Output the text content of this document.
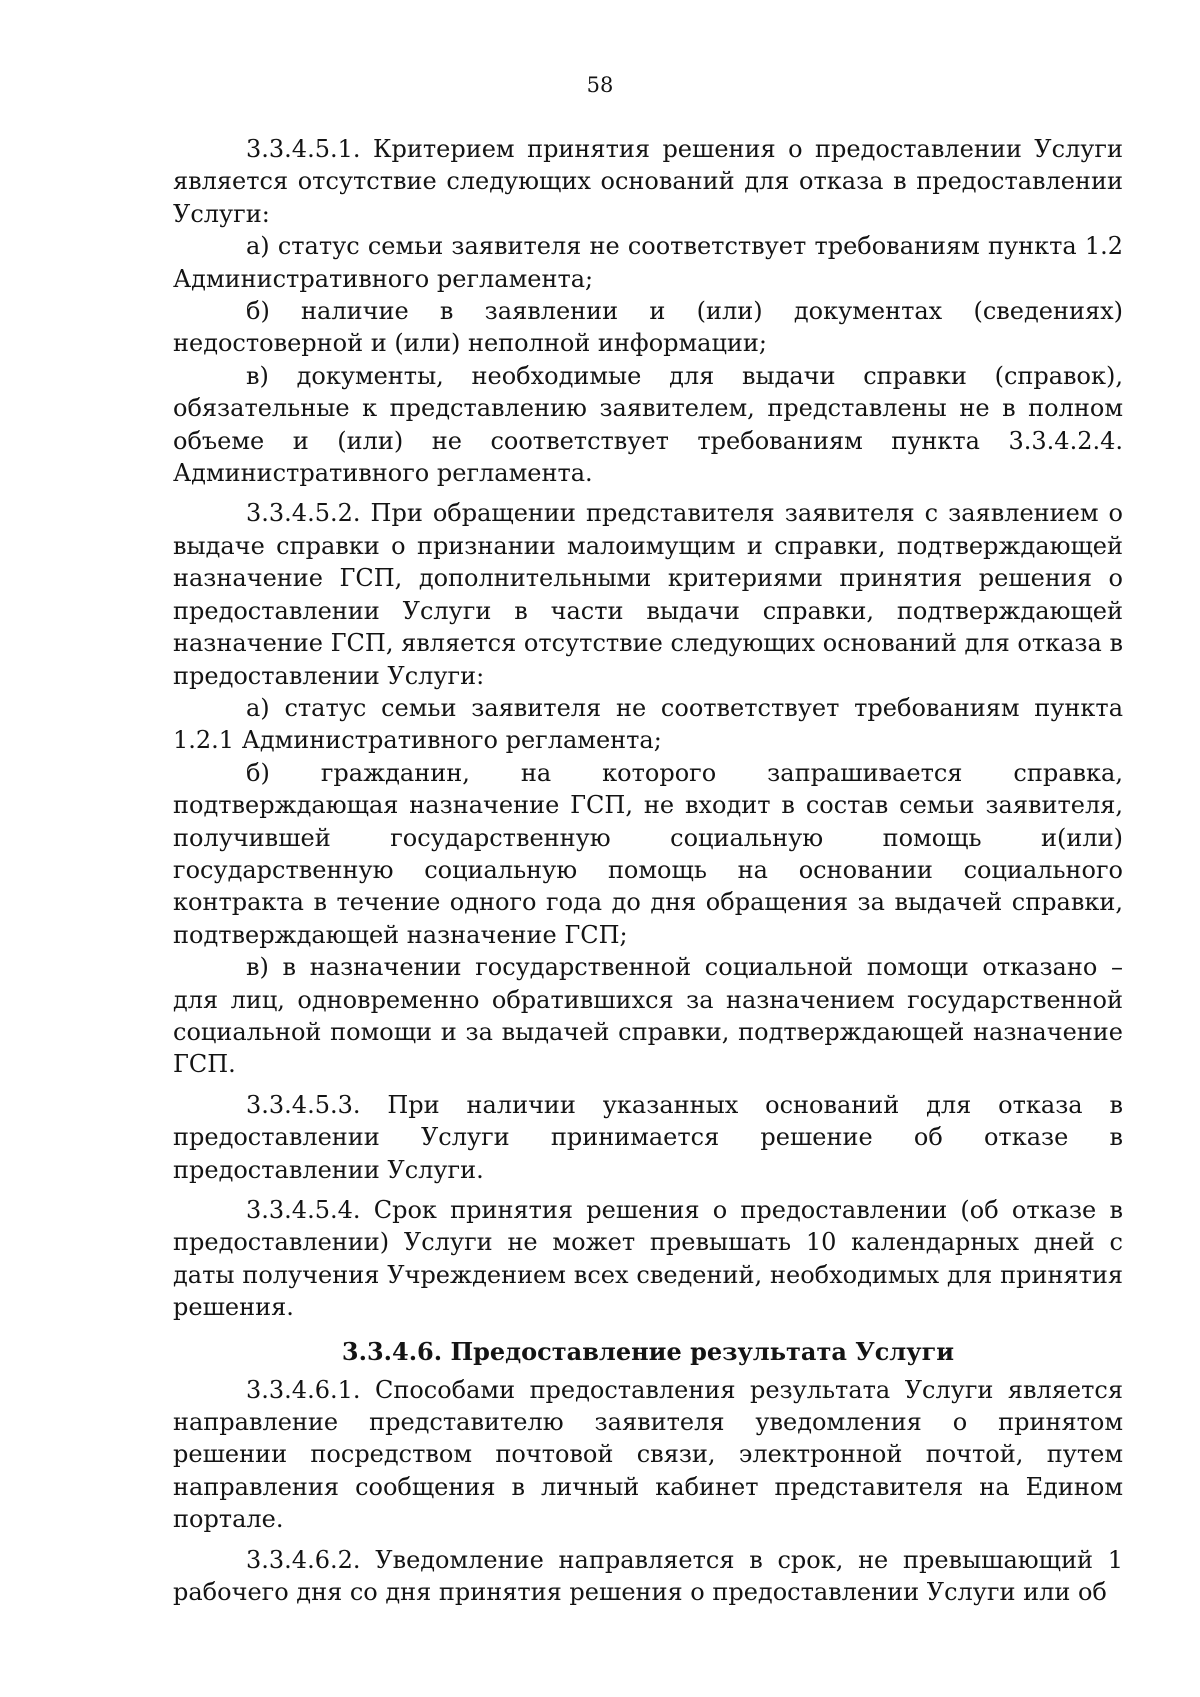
58

3.3.4.5.1. Критерием принятия решения о предоставлении Услуги является отсутствие следующих оснований для отказа в предоставлении Услуги:

а) статус семьи заявителя не соответствует требованиям пункта 1.2 Административного регламента;

б) наличие в заявлении и (или) документах (сведениях) недостоверной и (или) неполной информации;

в) документы, необходимые для выдачи справки (справок), обязательные к представлению заявителем, представлены не в полном объеме и (или) не соответствует требованиям пункта 3.3.4.2.4. Административного регламента.

3.3.4.5.2. При обращении представителя заявителя с заявлением о выдаче справки о признании малоимущим и справки, подтверждающей назначение ГСП, дополнительными критериями принятия решения о предоставлении Услуги в части выдачи справки, подтверждающей назначение ГСП, является отсутствие следующих оснований для отказа в предоставлении Услуги:

а) статус семьи заявителя не соответствует требованиям пункта 1.2.1 Административного регламента;

б) гражданин, на которого запрашивается справка, подтверждающая назначение ГСП, не входит в состав семьи заявителя, получившей государственную социальную помощь и(или) государственную социальную помощь на основании социального контракта в течение одного года до дня обращения за выдачей справки, подтверждающей назначение ГСП;

в) в назначении государственной социальной помощи отказано – для лиц, одновременно обратившихся за назначением государственной социальной помощи и за выдачей справки, подтверждающей назначение ГСП.

3.3.4.5.3. При наличии указанных оснований для отказа в предоставлении Услуги принимается решение об отказе в предоставлении Услуги.

3.3.4.5.4. Срок принятия решения о предоставлении (об отказе в предоставлении) Услуги не может превышать 10 календарных дней с даты получения Учреждением всех сведений, необходимых для принятия решения.

3.3.4.6. Предоставление результата Услуги

3.3.4.6.1. Способами предоставления результата Услуги является направление представителю заявителя уведомления о принятом решении посредством почтовой связи, электронной почтой, путем направления сообщения в личный кабинет представителя на Едином портале.

3.3.4.6.2. Уведомление направляется в срок, не превышающий 1 рабочего дня со дня принятия решения о предоставлении Услуги или об
